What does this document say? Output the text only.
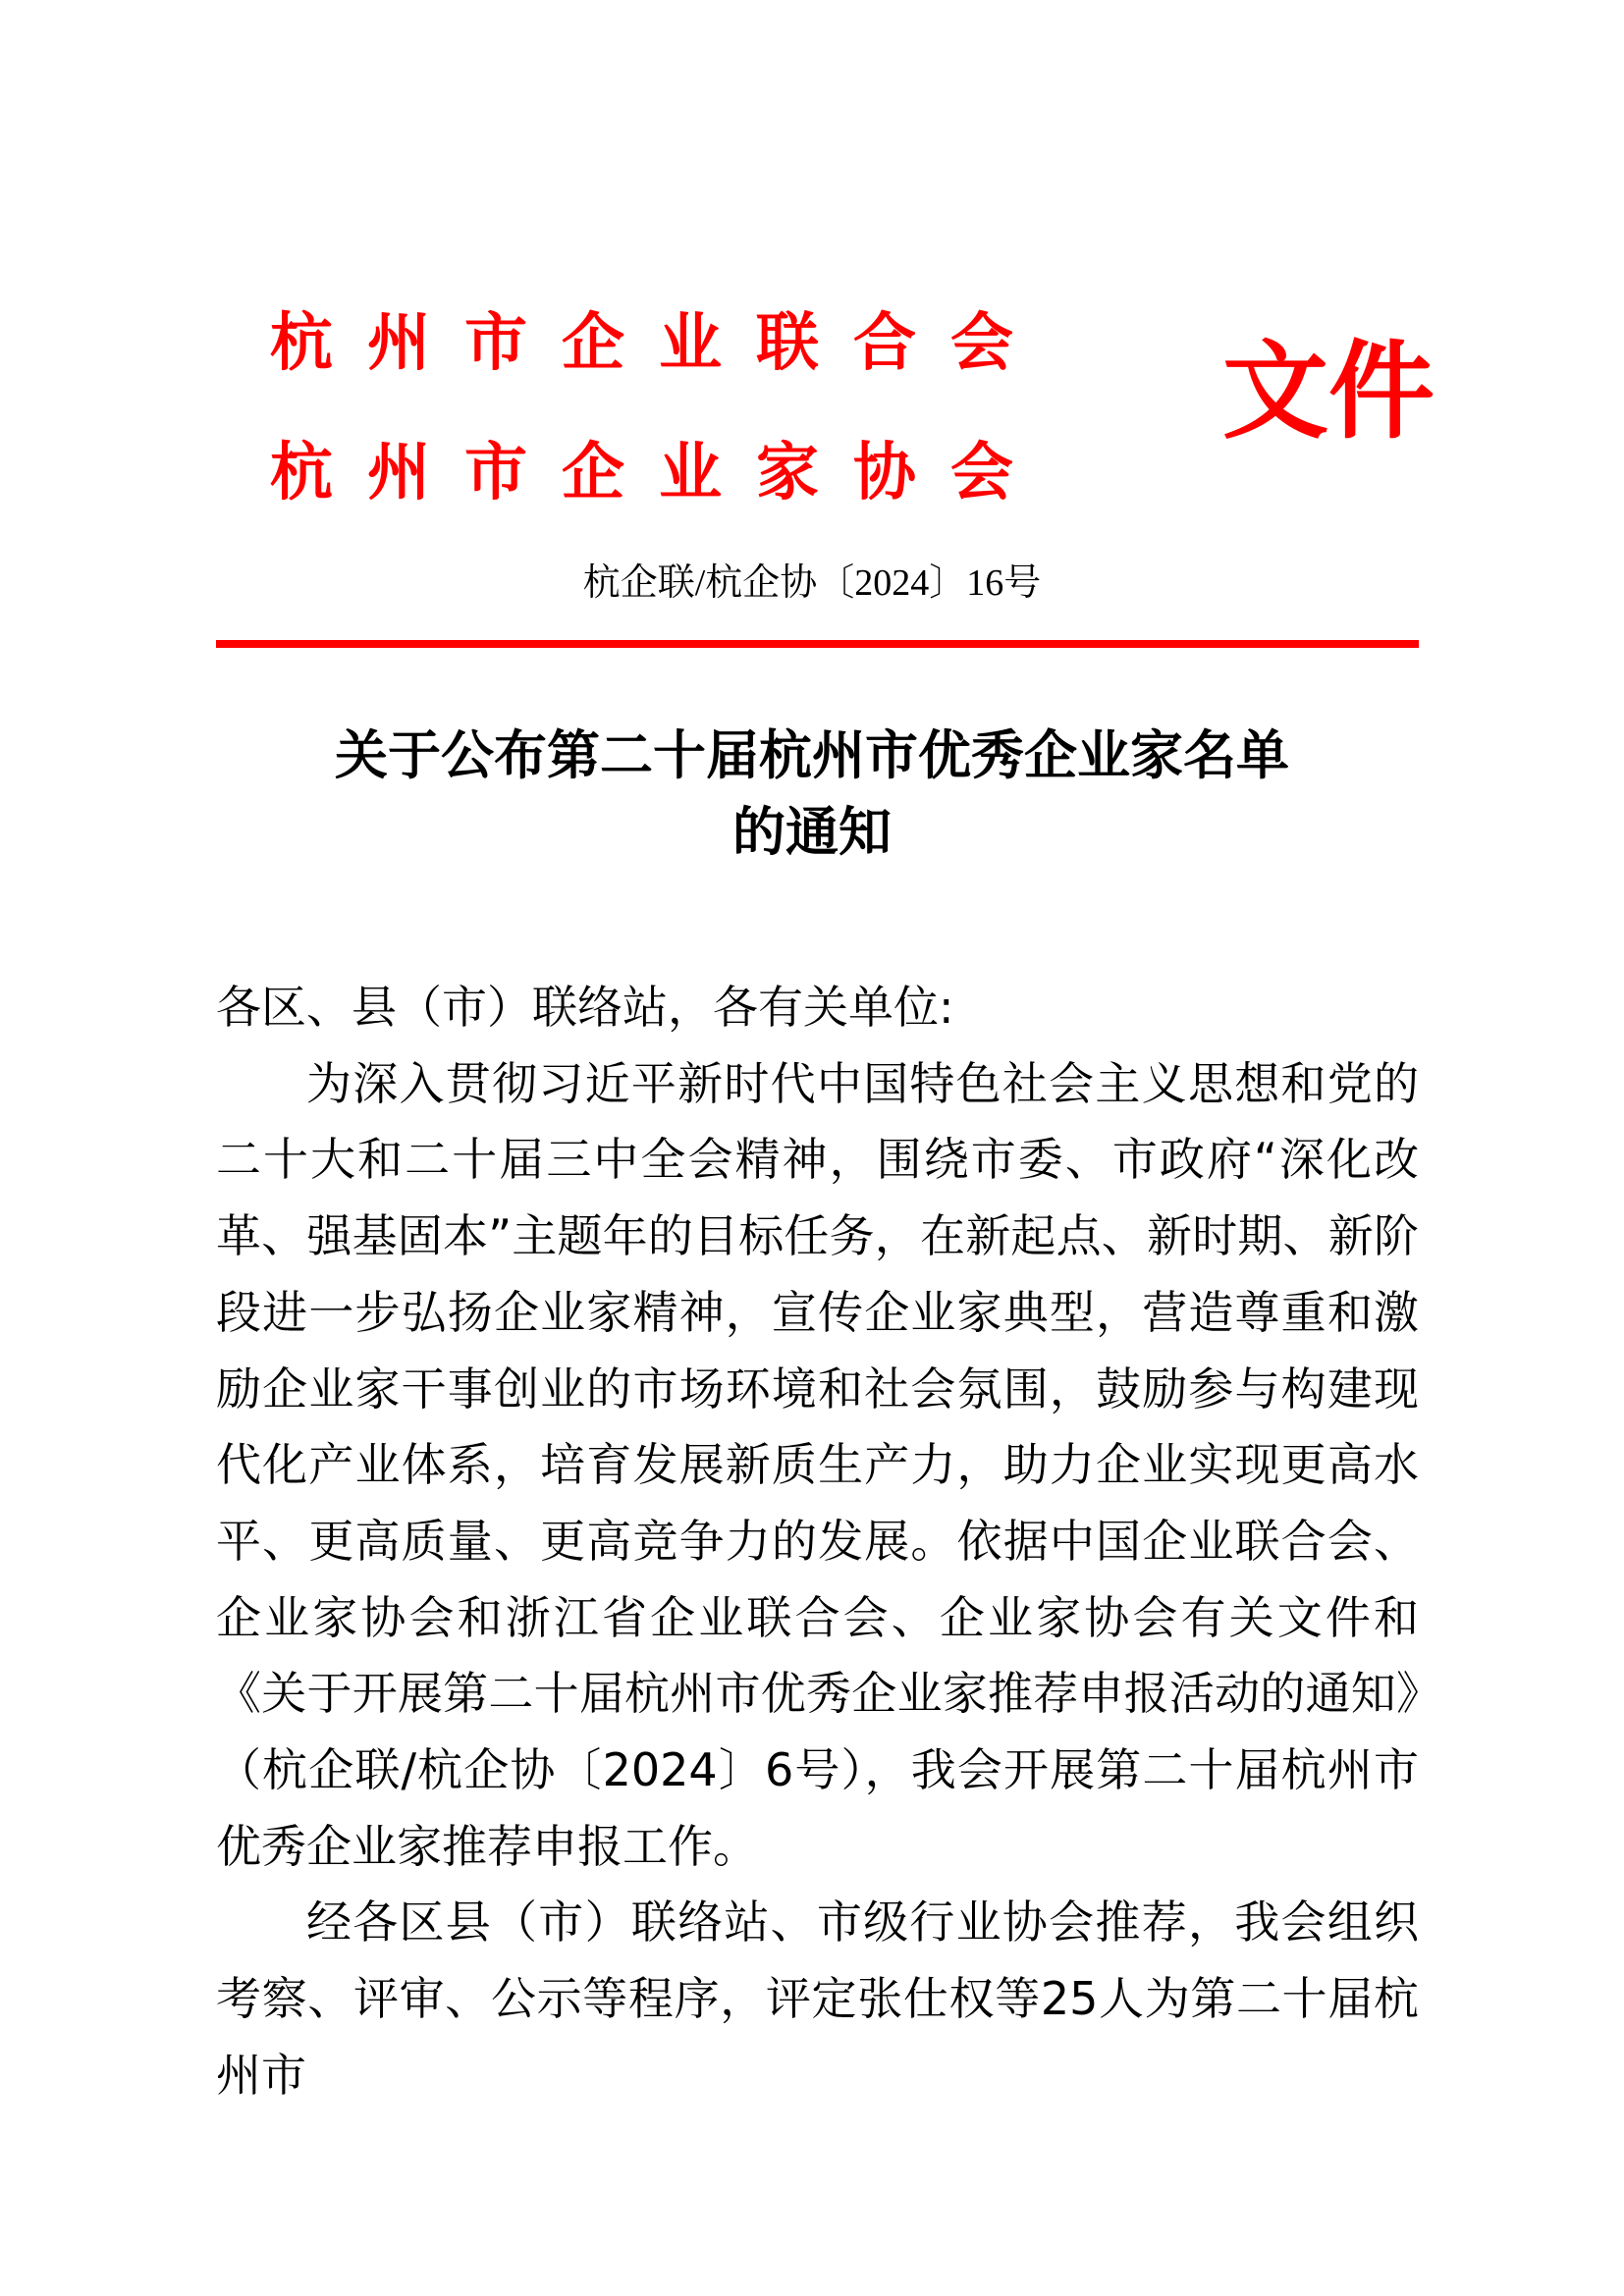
杭州市企业联合会
杭州市企业家协会
文件
杭企联/杭企协〔2024〕16号
关于公布第二十届杭州市优秀企业家名单
的通知

各区、县（市）联络站，各有关单位:

为深入贯彻习近平新时代中国特色社会主义思想和党的二十大和二十届三中全会精神，围绕市委、市政府“深化改革、强基固本”主题年的目标任务，在新起点、新时期、新阶段进一步弘扬企业家精神，宣传企业家典型，营造尊重和激励企业家干事创业的市场环境和社会氛围，鼓励参与构建现代化产业体系，培育发展新质生产力，助力企业实现更高水平、更高质量、更高竞争力的发展。依据中国企业联合会、企业家协会和浙江省企业联合会、企业家协会有关文件和《关于开展第二十届杭州市优秀企业家推荐申报活动的通知》（杭企联/杭企协〔2024〕6号），我会开展第二十届杭州市优秀企业家推荐申报工作。

经各区县（市）联络站、市级行业协会推荐，我会组织考察、评审、公示等程序，评定张仕权等25人为第二十届杭州市
